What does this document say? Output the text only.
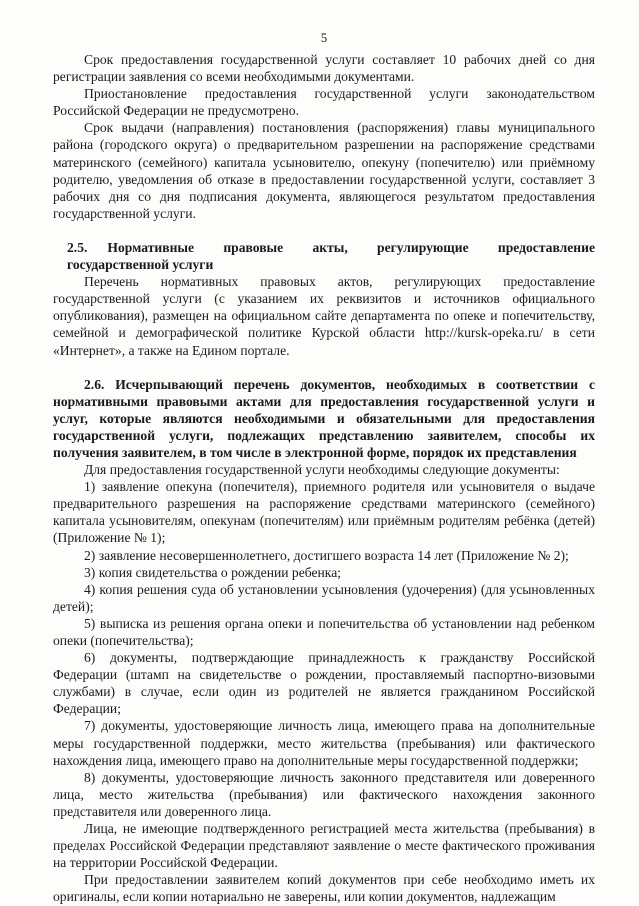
5

Срок предоставления государственной услуги составляет 10 рабочих дней со дня регистрации заявления со всеми необходимыми документами.

Приостановление предоставления государственной услуги законодательством Российской Федерации не предусмотрено.

Срок выдачи (направления) постановления (распоряжения) главы муниципального района (городского округа) о предварительном разрешении на распоряжение средствами материнского (семейного) капитала усыновителю, опекуну (попечителю) или приёмному родителю, уведомления об отказе в предоставлении государственной услуги, составляет 3 рабочих дня со дня подписания документа, являющегося результатом предоставления государственной услуги.

2.5. Нормативные правовые акты, регулирующие предоставление государственной услуги

Перечень нормативных правовых актов, регулирующих предоставление государственной услуги (с указанием их реквизитов и источников официального опубликования), размещен на официальном сайте департамента по опеке и попечительству, семейной и демографической политике Курской области http://kursk-opeka.ru/ в сети «Интернет», а также на Едином портале.

2.6. Исчерпывающий перечень документов, необходимых в соответствии с нормативными правовыми актами для предоставления государственной услуги и услуг, которые являются необходимыми и обязательными для предоставления государственной услуги, подлежащих представлению заявителем, способы их получения заявителем, в том числе в электронной форме, порядок их представления

Для предоставления государственной услуги необходимы следующие документы:

1) заявление опекуна (попечителя), приемного родителя или усыновителя о выдаче предварительного разрешения на распоряжение средствами материнского (семейного) капитала усыновителям, опекунам (попечителям) или приёмным родителям ребёнка (детей) (Приложение № 1);

2) заявление несовершеннолетнего, достигшего возраста 14 лет (Приложение № 2);

3) копия свидетельства о рождении ребенка;

4) копия решения суда об установлении усыновления (удочерения) (для усыновленных детей);

5) выписка из решения органа опеки и попечительства об установлении над ребенком опеки (попечительства);

6) документы, подтверждающие принадлежность к гражданству Российской Федерации (штамп на свидетельстве о рождении, проставляемый паспортно-визовыми службами) в случае, если один из родителей не является гражданином Российской Федерации;

7) документы, удостоверяющие личность лица, имеющего права на дополнительные меры государственной поддержки, место жительства (пребывания) или фактического нахождения лица, имеющего право на дополнительные меры государственной поддержки;

8) документы, удостоверяющие личность законного представителя или доверенного лица, место жительства (пребывания) или фактического нахождения законного представителя или доверенного лица.

Лица, не имеющие подтвержденного регистрацией места жительства (пребывания) в пределах Российской Федерации представляют заявление о месте фактического проживания на территории Российской Федерации.

При предоставлении заявителем копий документов при себе необходимо иметь их оригиналы, если копии нотариально не заверены, или копии документов, надлежащим
